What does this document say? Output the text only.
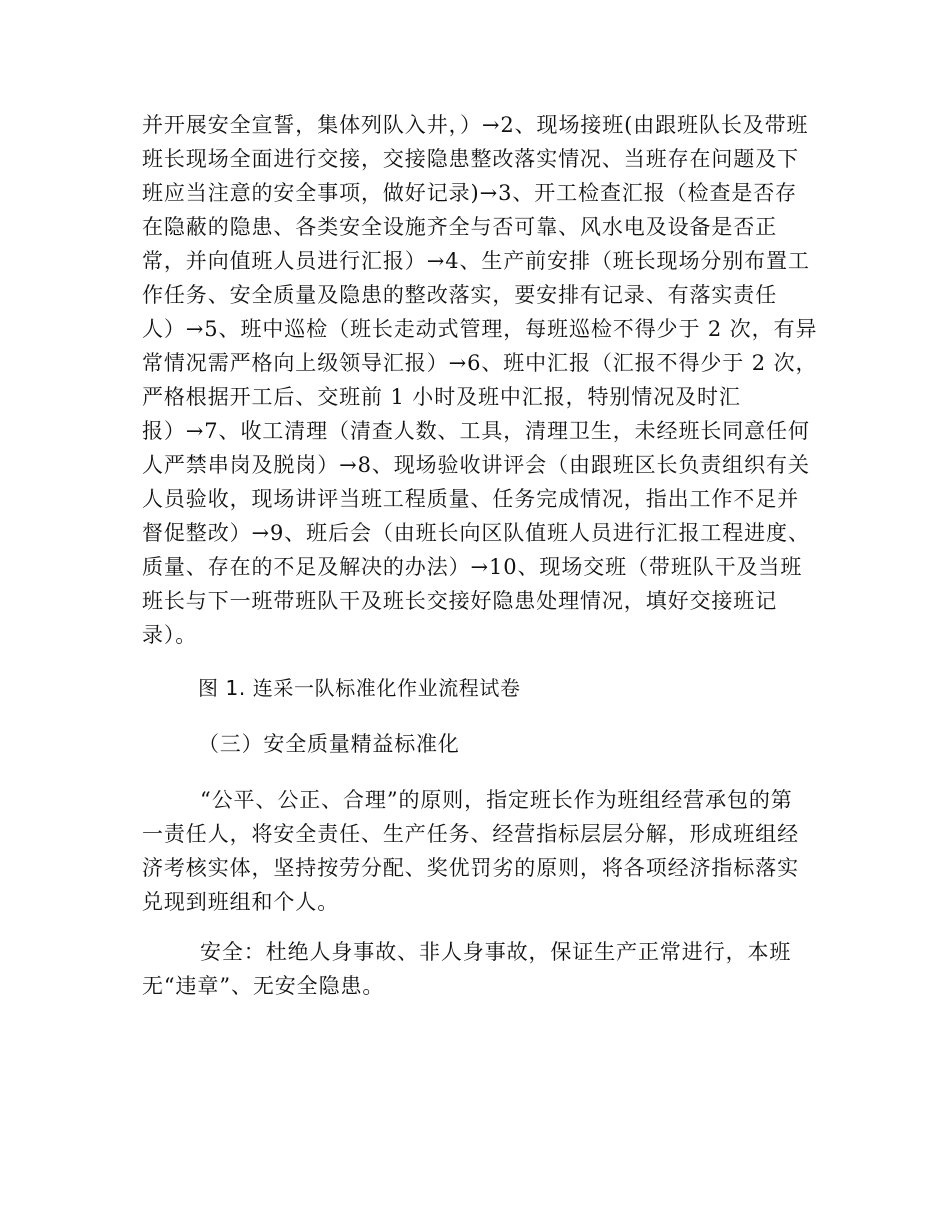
并开展安全宣誓，集体列队入井，）→2、现场接班(由跟班队长及带班
班长现场全面进行交接，交接隐患整改落实情况、当班存在问题及下
班应当注意的安全事项，做好记录)→3、开工检查汇报（检查是否存
在隐蔽的隐患、各类安全设施齐全与否可靠、风水电及设备是否正
常，并向值班人员进行汇报）→4、生产前安排（班长现场分别布置工
作任务、安全质量及隐患的整改落实，要安排有记录、有落实责任
人）→5、班中巡检（班长走动式管理，每班巡检不得少于 2 次，有异
常情况需严格向上级领导汇报）→6、班中汇报（汇报不得少于 2 次，
严格根据开工后、交班前 1 小时及班中汇报，特别情况及时汇
报）→7、收工清理（清查人数、工具，清理卫生，未经班长同意任何
人严禁串岗及脱岗）→8、现场验收讲评会（由跟班区长负责组织有关
人员验收，现场讲评当班工程质量、任务完成情况，指出工作不足并
督促整改）→9、班后会（由班长向区队值班人员进行汇报工程进度、
质量、存在的不足及解决的办法）→10、现场交班（带班队干及当班
班长与下一班带班队干及班长交接好隐患处理情况，填好交接班记
录）。
图 1. 连采一队标准化作业流程试卷
（三）安全质量精益标准化
“公平、公正、合理”的原则，指定班长作为班组经营承包的第
一责任人，将安全责任、生产任务、经营指标层层分解，形成班组经
济考核实体，坚持按劳分配、奖优罚劣的原则，将各项经济指标落实
兑现到班组和个人。
安全：杜绝人身事故、非人身事故，保证生产正常进行，本班
无“违章”、无安全隐患。
